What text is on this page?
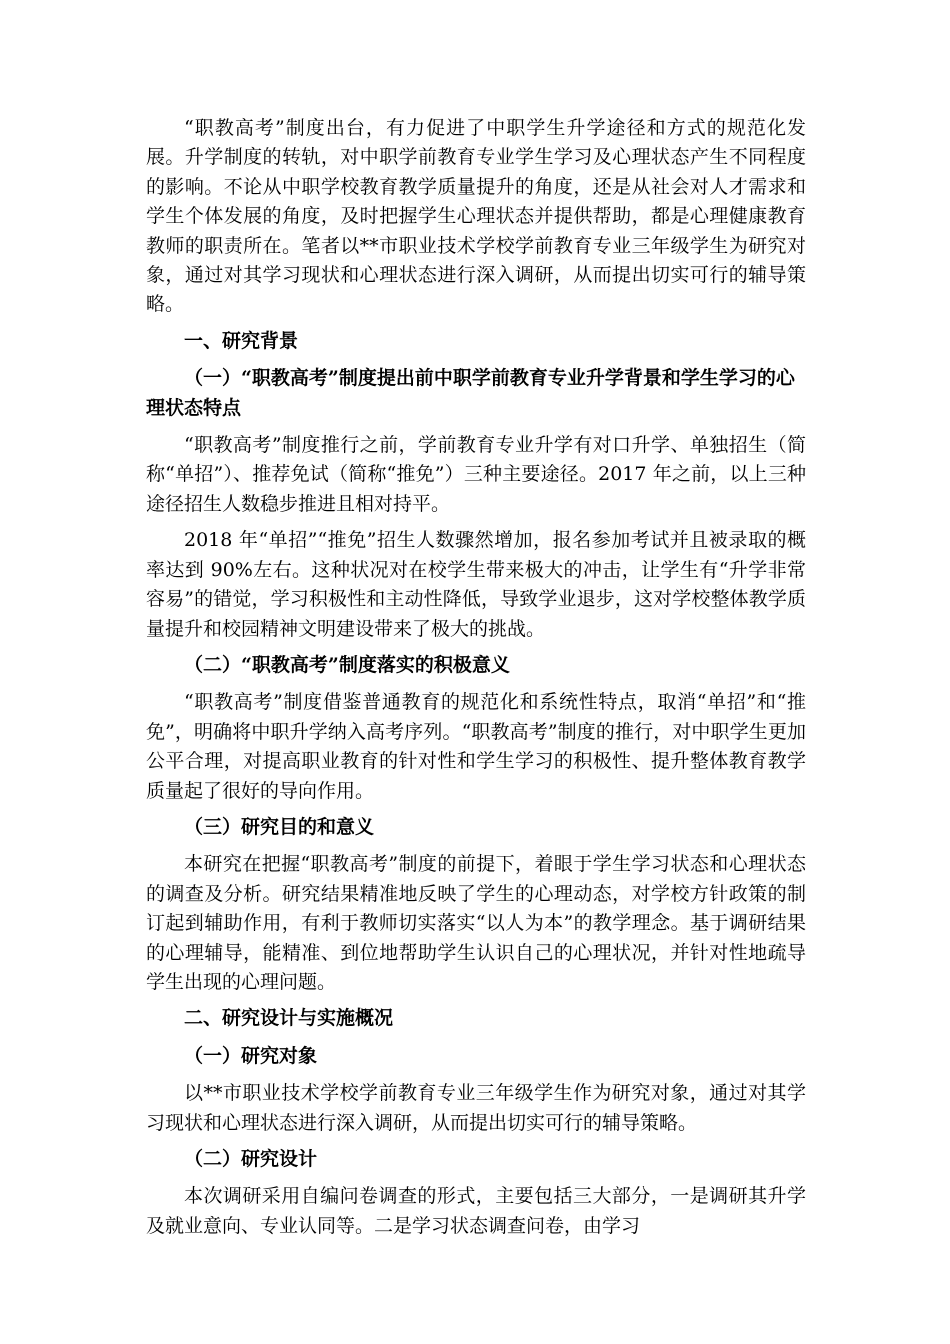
“职教高考”制度出台，有力促进了中职学生升学途径和方式的规范化发展。升学制度的转轨，对中职学前教育专业学生学习及心理状态产生不同程度的影响。不论从中职学校教育教学质量提升的角度，还是从社会对人才需求和学生个体发展的角度，及时把握学生心理状态并提供帮助，都是心理健康教育教师的职责所在。笔者以**市职业技术学校学前教育专业三年级学生为研究对象，通过对其学习现状和心理状态进行深入调研，从而提出切实可行的辅导策略。

一、研究背景
（一）“职教高考”制度提出前中职学前教育专业升学背景和学生学习的心理状态特点

“职教高考”制度推行之前，学前教育专业升学有对口升学、单独招生（简称“单招”）、推荐免试（简称“推免”）三种主要途径。2017 年之前，以上三种途径招生人数稳步推进且相对持平。

2018 年“单招”“推免”招生人数骤然增加，报名参加考试并且被录取的概率达到 90%左右。这种状况对在校学生带来极大的冲击，让学生有“升学非常容易”的错觉，学习积极性和主动性降低，导致学业退步，这对学校整体教学质量提升和校园精神文明建设带来了极大的挑战。

（二）“职教高考”制度落实的积极意义

“职教高考”制度借鉴普通教育的规范化和系统性特点，取消“单招”和“推免”，明确将中职升学纳入高考序列。“职教高考”制度的推行，对中职学生更加公平合理，对提高职业教育的针对性和学生学习的积极性、提升整体教育教学质量起了很好的导向作用。

（三）研究目的和意义

本研究在把握“职教高考”制度的前提下，着眼于学生学习状态和心理状态的调查及分析。研究结果精准地反映了学生的心理动态，对学校方针政策的制订起到辅助作用，有利于教师切实落实“以人为本”的教学理念。基于调研结果的心理辅导，能精准、到位地帮助学生认识自己的心理状况，并针对性地疏导学生出现的心理问题。

二、研究设计与实施概况
（一）研究对象

以**市职业技术学校学前教育专业三年级学生作为研究对象，通过对其学习现状和心理状态进行深入调研，从而提出切实可行的辅导策略。

（二）研究设计

本次调研采用自编问卷调查的形式，主要包括三大部分，一是调研其升学及就业意向、专业认同等。二是学习状态调查问卷，由学习
